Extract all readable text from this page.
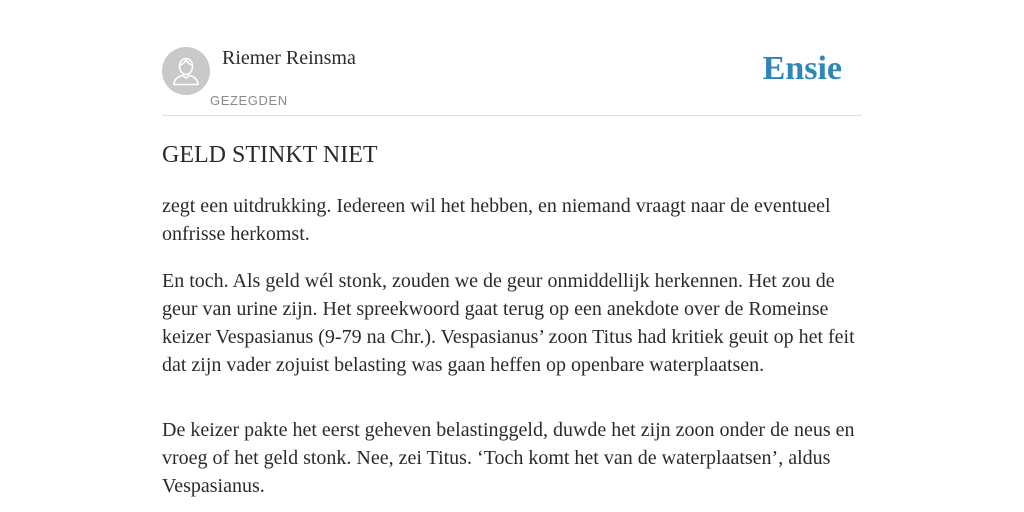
Riemer Reinsma
GEZEGDEN
Ensie
GELD STINKT NIET

zegt een uitdrukking. Iedereen wil het hebben, en niemand vraagt naar de eventueel onfrisse herkomst.

En toch. Als geld wél stonk, zouden we de geur onmiddellijk herkennen. Het zou de geur van urine zijn. Het spreekwoord gaat terug op een anekdote over de Romeinse keizer Vespasianus (9-79 na Chr.). Vespasianus’ zoon Titus had kritiek geuit op het feit dat zijn vader zojuist belasting was gaan heffen op openbare waterplaatsen.

De keizer pakte het eerst geheven belastinggeld, duwde het zijn zoon onder de neus en vroeg of het geld stonk. Nee, zei Titus. ‘Toch komt het van de waterplaatsen’, aldus Vespasianus.
